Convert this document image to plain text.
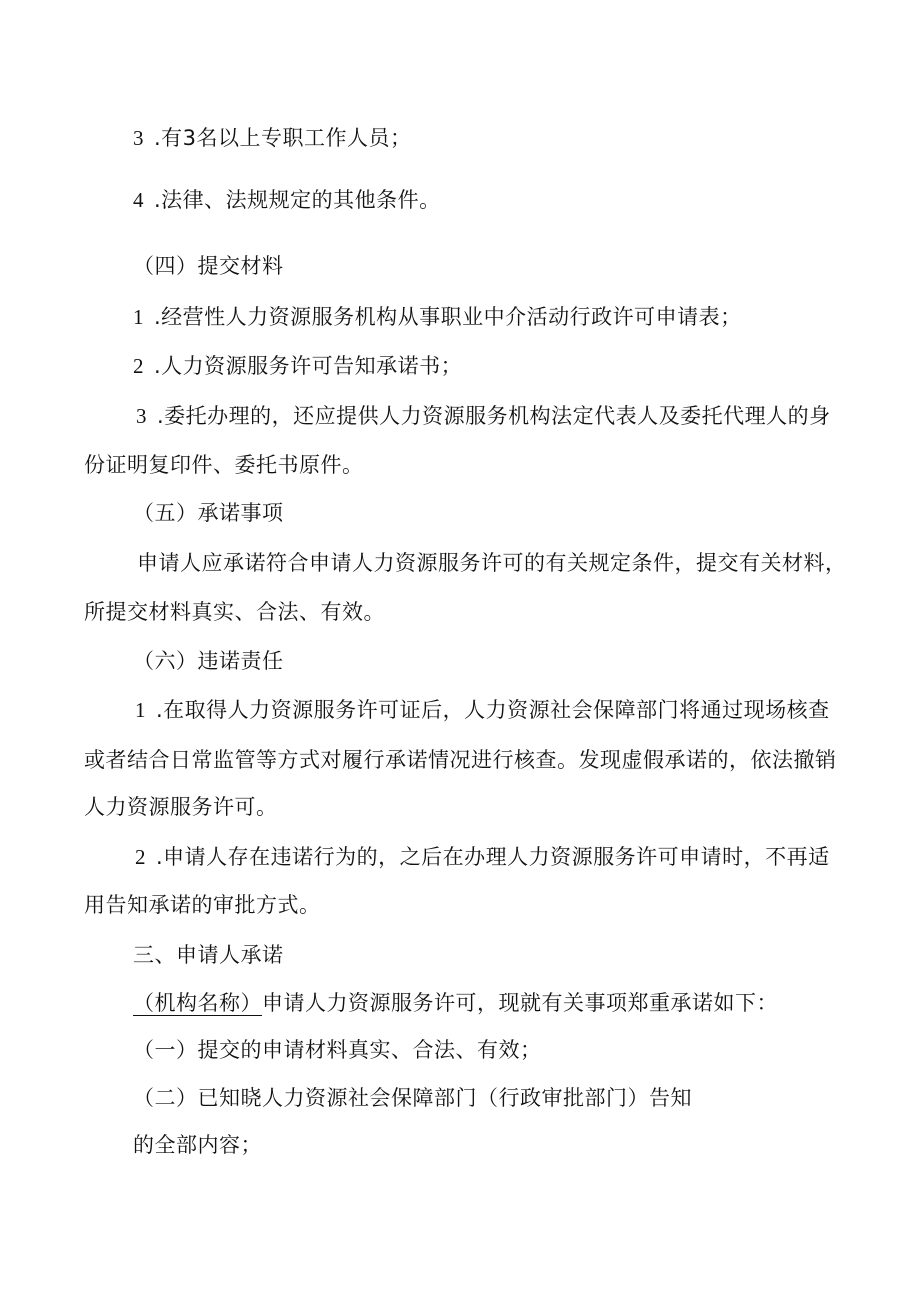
3 .有3名以上专职工作人员；
4 .法律、法规规定的其他条件。
（四）提交材料
1 .经营性人力资源服务机构从事职业中介活动行政许可申请表；
2 .人力资源服务许可告知承诺书；
3 .委托办理的，还应提供人力资源服务机构法定代表人及委托代理人的身
份证明复印件、委托书原件。
（五）承诺事项
申请人应承诺符合申请人力资源服务许可的有关规定条件，提交有关材料，
所提交材料真实、合法、有效。
（六）违诺责任
1 .在取得人力资源服务许可证后，人力资源社会保障部门将通过现场核查
或者结合日常监管等方式对履行承诺情况进行核查。发现虚假承诺的，依法撤销
人力资源服务许可。
2 .申请人存在违诺行为的，之后在办理人力资源服务许可申请时，不再适
用告知承诺的审批方式。
三、申请人承诺
（机构名称）申请人力资源服务许可，现就有关事项郑重承诺如下：
（一）提交的申请材料真实、合法、有效；
（二）已知晓人力资源社会保障部门（行政审批部门）告知
的全部内容；
